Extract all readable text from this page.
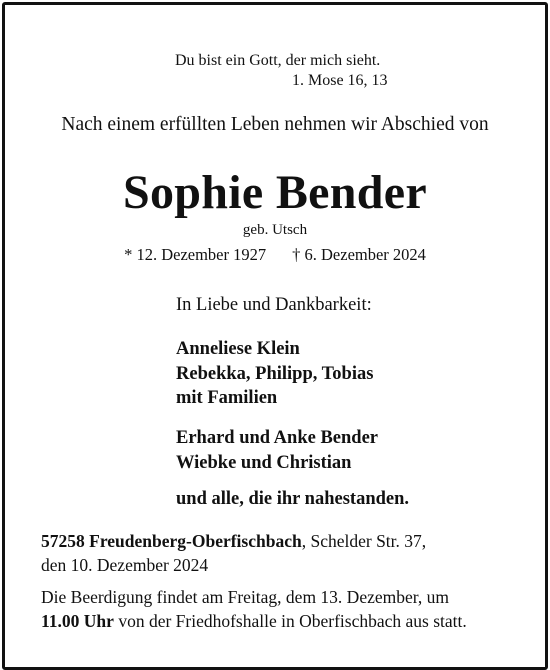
Du bist ein Gott, der mich sieht.

1. Mose 16, 13

Nach einem erfüllten Leben nehmen wir Abschied von

Sophie Bender

geb. Utsch

* 12. Dezember 1927 † 6. Dezember 2024

In Liebe und Dankbarkeit:

Anneliese Klein
Rebekka, Philipp, Tobias
mit Familien
Erhard und Anke Bender
Wiebke und Christian
und alle, die ihr nahestanden.
57258 Freudenberg-Oberfischbach, Schelder Str. 37,
den 10. Dezember 2024
Die Beerdigung findet am Freitag, dem 13. Dezember, um
11.00 Uhr von der Friedhofshalle in Oberfischbach aus statt.
